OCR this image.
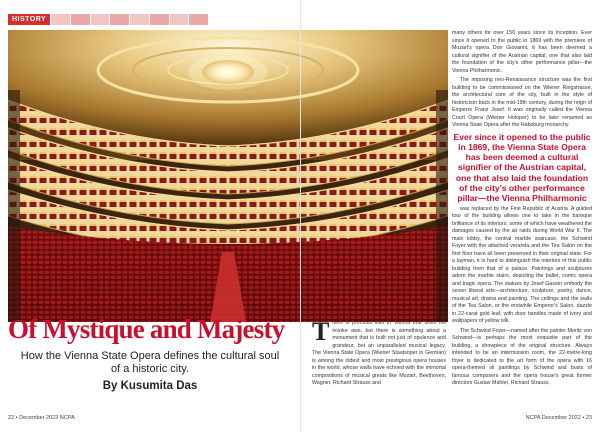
HISTORY
Of Mystique and Majesty

How the Vienna State Opera defines the cultural soul of a historic city.

By Kusumita Das

There is precious little in Vienna that does not invoke awe, but there is something about a monument that is built not just of opulence and grandeur, but an unparalleled musical legacy. The Vienna State Opera (Wiener Staatsoper in German) is among the oldest and most prestigious opera houses in the world, whose walls have echoed with the immortal compositions of musical greats like Mozart, Beethoven, Wagner, Richard Strauss and

many others for over 150 years since its inception. Ever since it opened to the public in 1869 with the premiere of Mozart's opera Don Giovanni, it has been deemed a cultural signifier of the Austrian capital, one that also laid the foundation of the city's other performance pillar—the Vienna Philharmonic.

The imposing neo-Renaissance structure was the first building to be commissioned on the Wiener Ringstrasse, the architectural core of the city, built in the style of historicism back in the mid-19th century, during the reign of Emperor Franz Josef. It was originally called the Vienna Court Opera (Wiener Hofoper) to be later renamed as Vienna State Opera after the Habsburg monarchy

Ever since it opened to the public in 1869, the Vienna State Opera has been deemed a cultural signifier of the Austrian capital, one that also laid the foundation of the city's other performance pillar—the Vienna Philharmonic

was replaced by the First Republic of Austria. A guided tour of the building allows one to take in the baroque brilliance of its interiors, some of which have weathered the damages caused by the air raids during World War II. The main lobby, the central marble staircase, the Schwind Foyer with the attached veranda and the Tea Salon on the first floor have all been preserved in their original state. For a layman, it is hard to distinguish the interiors of this public building from that of a palace. Paintings and sculptures adorn the marble stairs, depicting the ballet, comic opera and tragic opera. The statues by Josef Gasser embody the seven liberal arts—architecture, sculpture, poetry, dance, musical art, drama and painting. The ceilings and the walls of the Tea Salon, or the erstwhile Emperor's Salon, dazzle in 22-carat gold leaf, with door handles made of ivory and wallpapers of yellow silk.

The Schwind Foyer—named after the painter Moritz von Schwind—is perhaps the most exquisite part of the building, a showpiece of the original structure. Always intended to be an intermission room, the 22-metre-long foyer is dedicated to the art form of the opera with 16 opera-themed oil paintings by Schwind and busts of famous composers and the opera house's great former directors Gustav Mahler, Richard Strauss,

22 • December 2022 NCPA	NCPA December 2022 • 23
